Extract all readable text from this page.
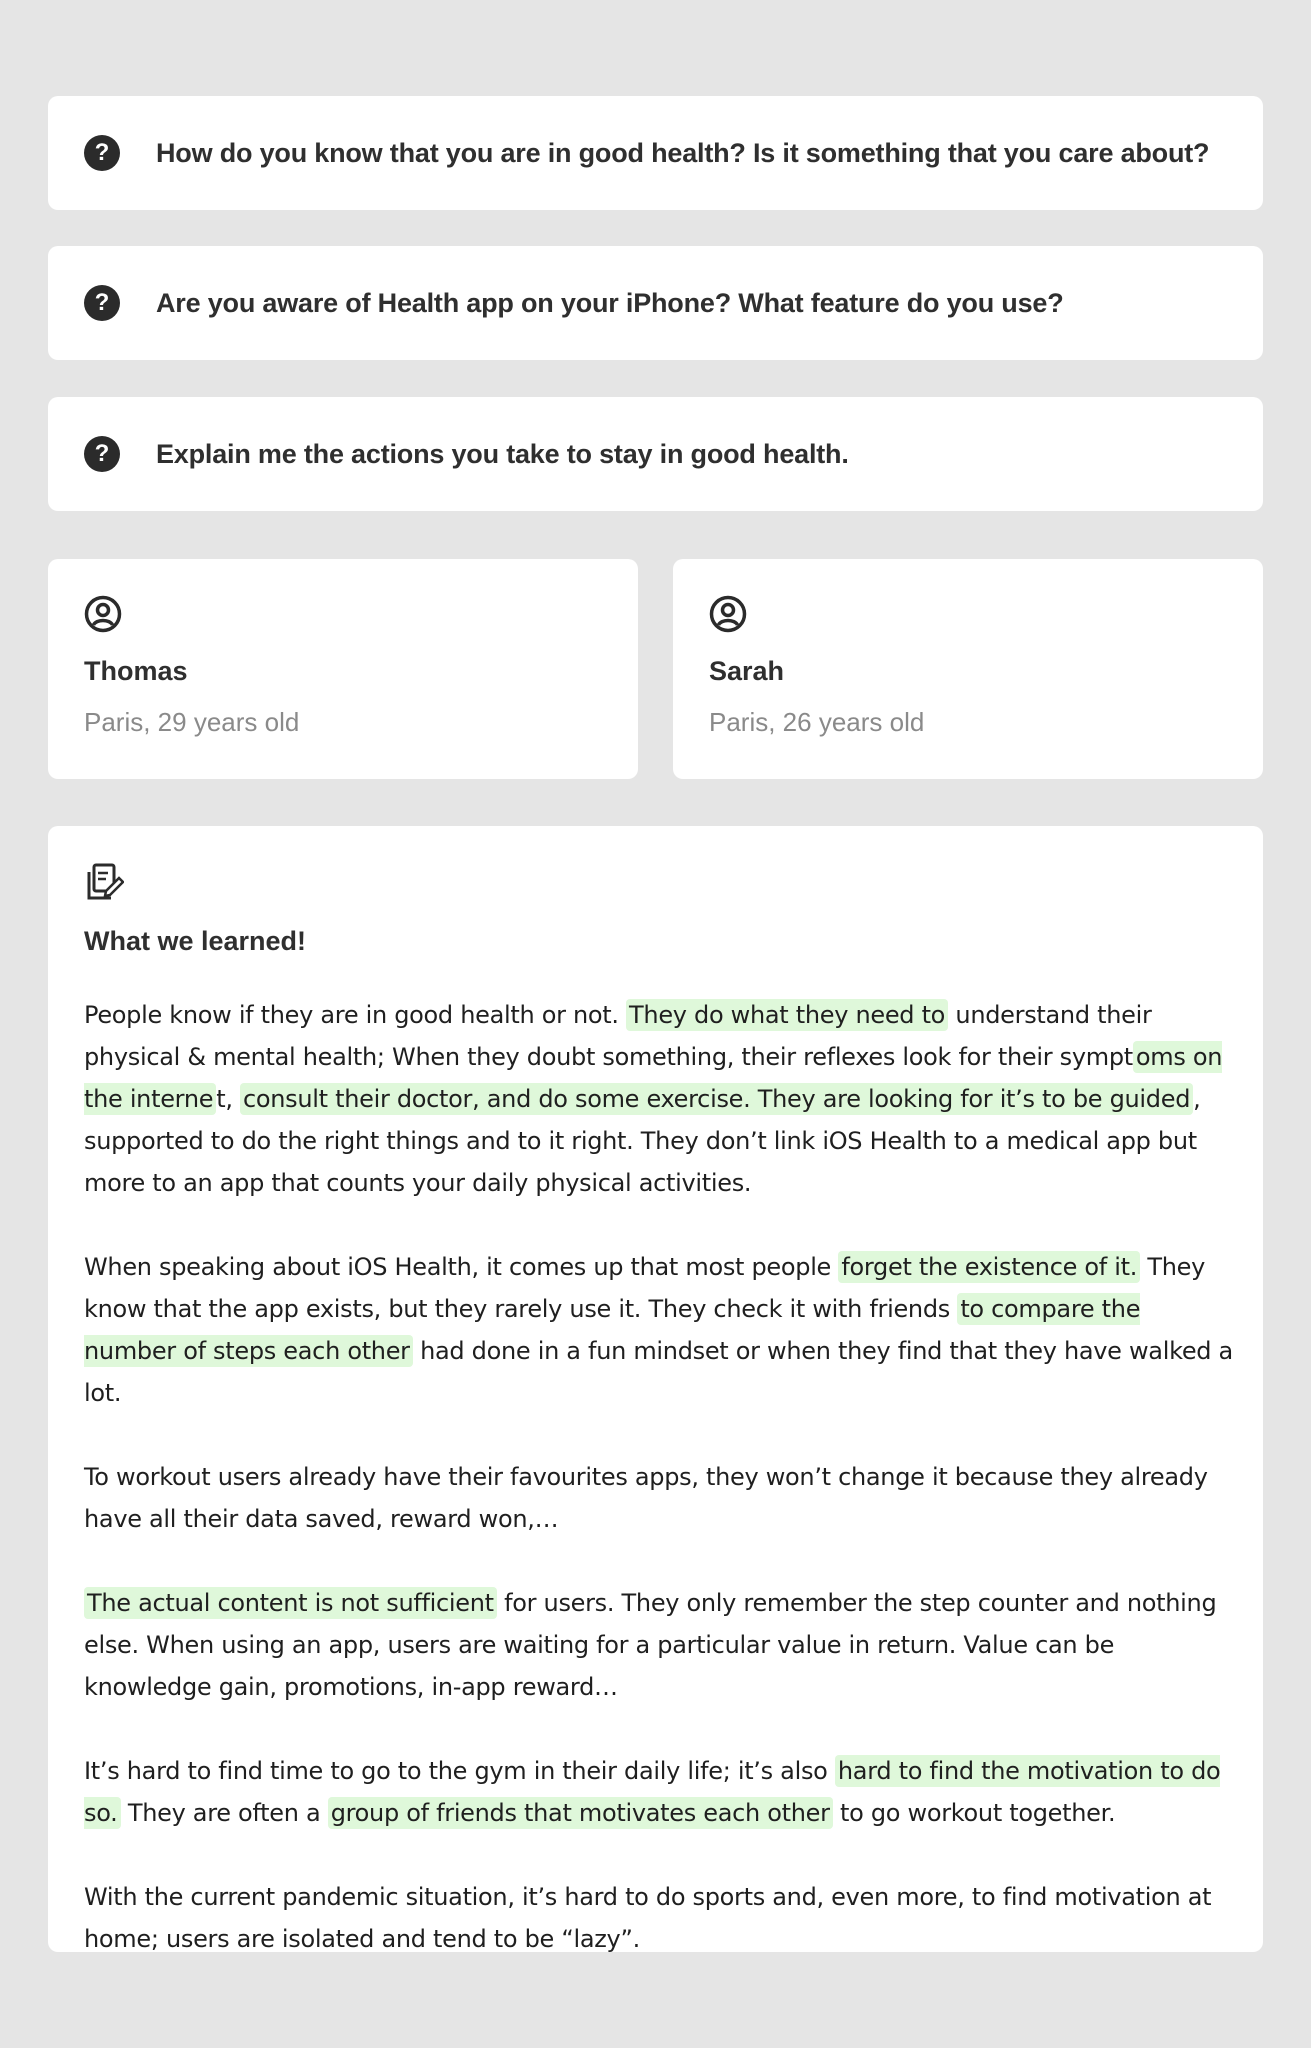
?	How do you know that you are in good health? Is it something that you care about?
?	Are you aware of Health app on your iPhone? What feature do you use?
?	Explain me the actions you take to stay in good health.
Thomas
Paris, 29 years old
Sarah
Paris, 26 years old
What we learned!

People know if they are in good health or not. They do what they need to understand their physical & mental health; When they doubt something, their reflexes look for their sympt oms on the interne t, consult their doctor, and do some exercise. They are looking for it’s to be guided , supported to do the right things and to it right. They don’t link iOS Health to a medical app but more to an app that counts your daily physical activities.

When speaking about iOS Health, it comes up that most people forget the existence of it. They know that the app exists, but they rarely use it. They check it with friends to compare the number of steps each other had done in a fun mindset or when they find that they have walked a lot.

To workout users already have their favourites apps, they won’t change it because they already have all their data saved, reward won,…

The actual content is not sufficient for users. They only remember the step counter and nothing else. When using an app, users are waiting for a particular value in return. Value can be knowledge gain, promotions, in-app reward…

It’s hard to find time to go to the gym in their daily life; it’s also hard to find the motivation to do so. They are often a group of friends that motivates each other to go workout together.

With the current pandemic situation, it’s hard to do sports and, even more, to find motivation at home; users are isolated and tend to be “lazy”.
